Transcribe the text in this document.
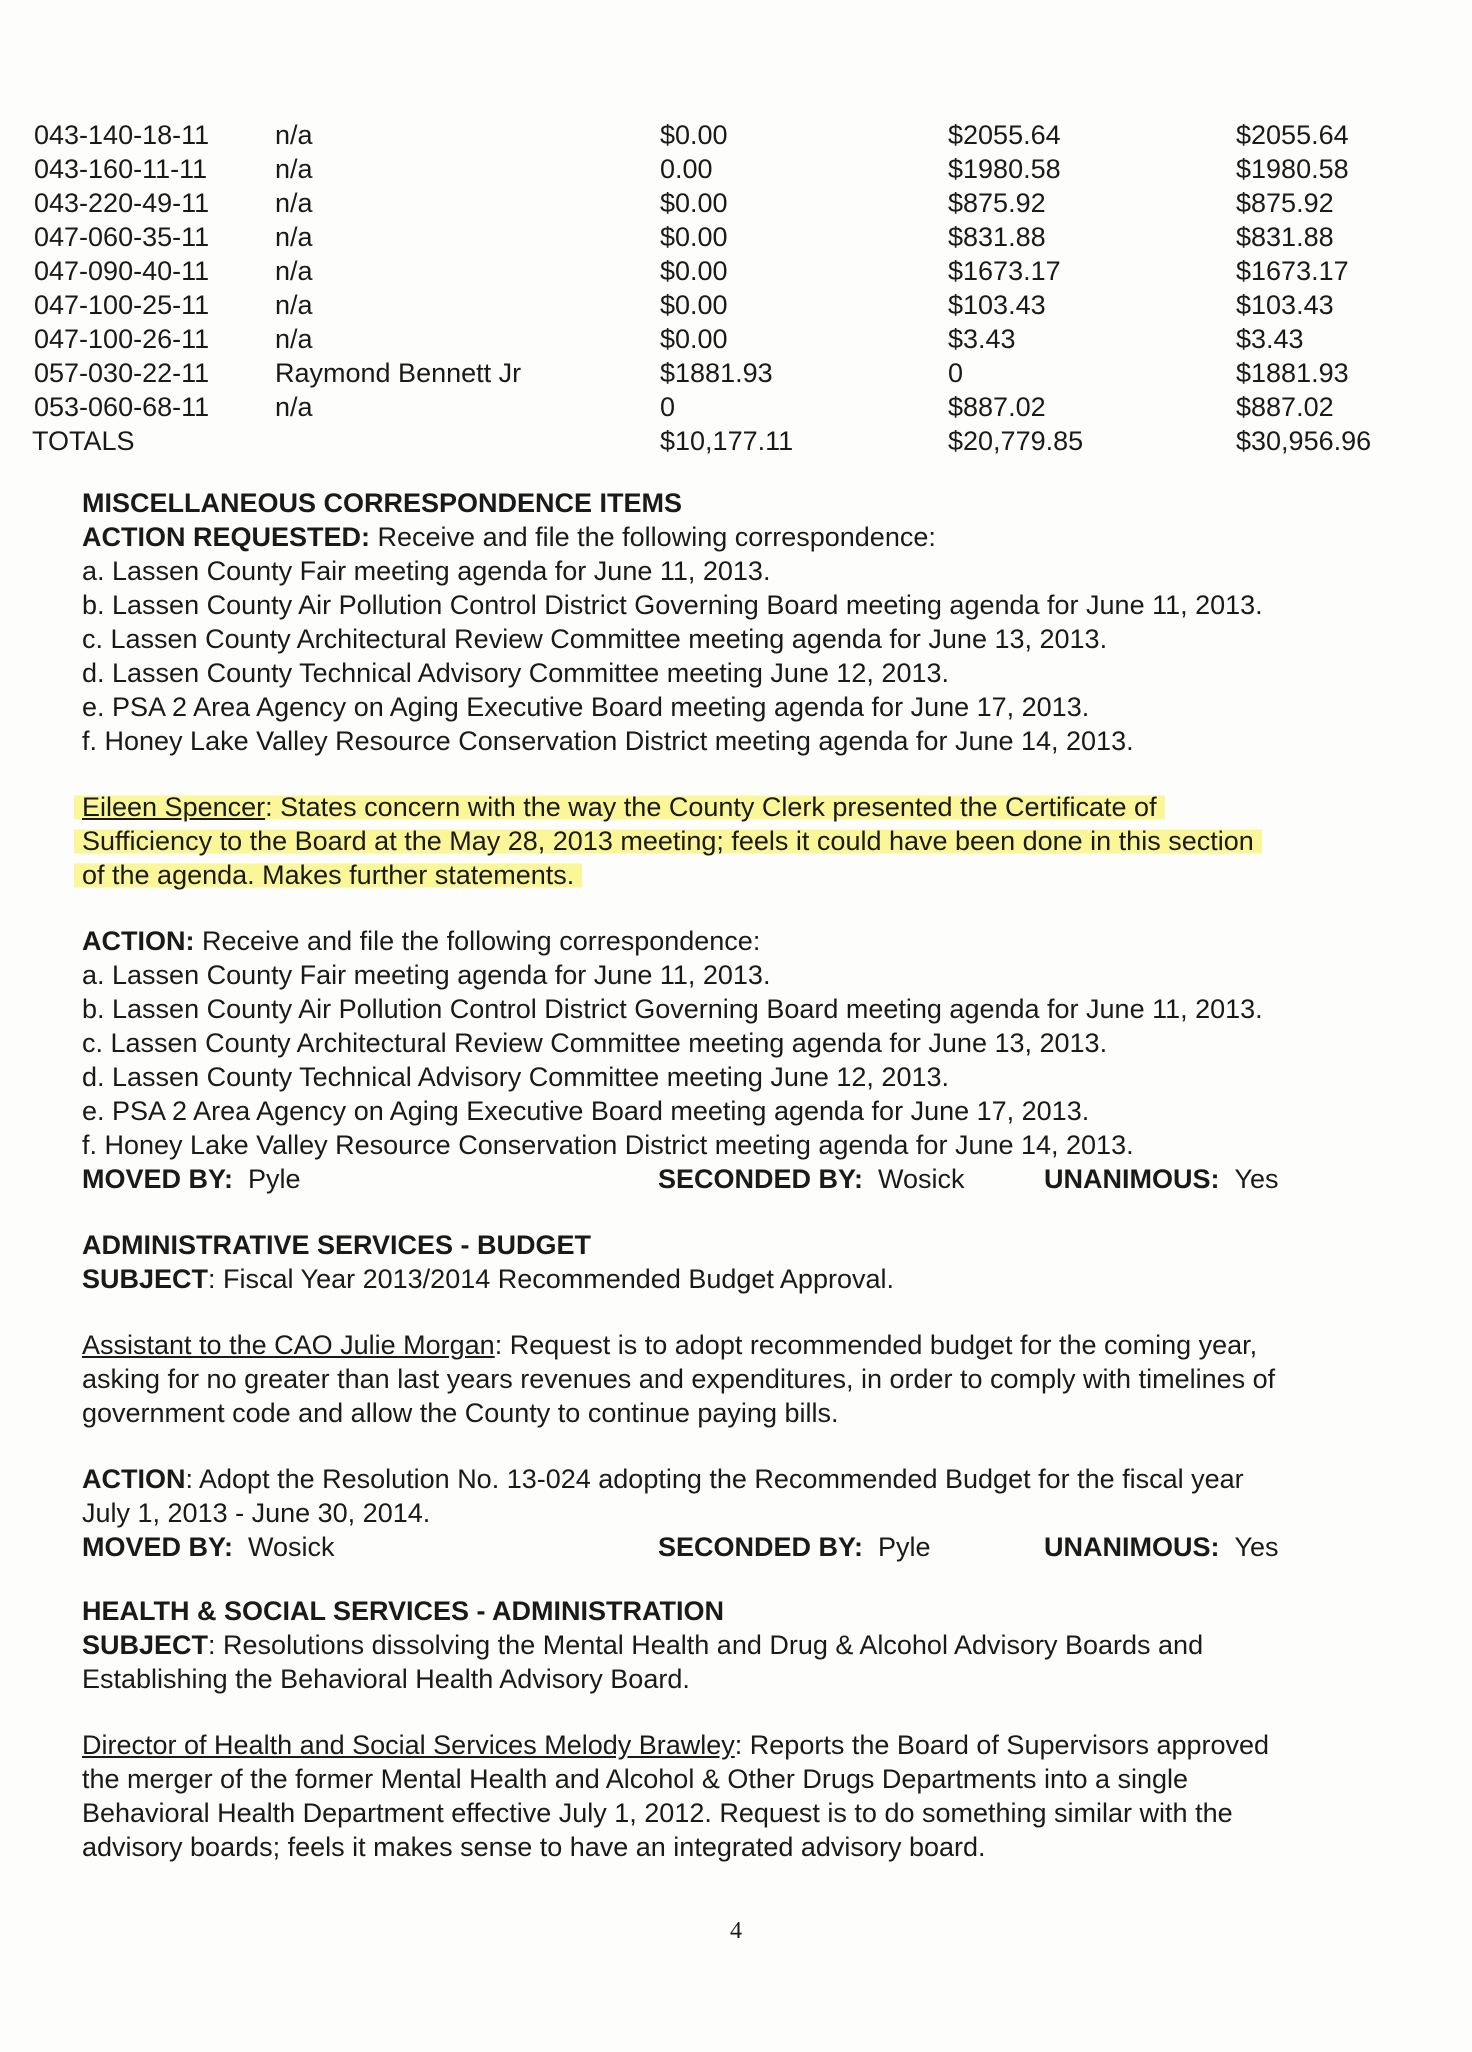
043-140-18-11 n/a	$0.00	$2055.64	$2055.64
043-160-11-11	n/a	0.00	$1980.58	$1980.58
043-220-49-11 n/a	$0.00	$875.92	$875.92
047-060-35-11 n/a	$0.00	$831.88	$831.88
047-090-40-11 n/a	$0.00	$1673.17	$1673.17
047-100-25-11 n/a	$0.00	$103.43	$103.43
047-100-26-11 n/a	$0.00	$3.43	$3.43
057-030-22-11 Raymond Bennett Jr	$1881.93	0	$1881.93
053-060-68-11 n/a	0	$887.02	$887.02
TOTALS	$10,177.11	$20,779.85	$30,956.96
MISCELLANEOUS CORRESPONDENCE ITEMS
ACTION REQUESTED: Receive and file the following correspondence:
a. Lassen County Fair meeting agenda for June 11, 2013.
b. Lassen County Air Pollution Control District Governing Board meeting agenda for June 11, 2013.
c. Lassen County Architectural Review Committee meeting agenda for June 13, 2013.
d. Lassen County Technical Advisory Committee meeting June 12, 2013.
e. PSA 2 Area Agency on Aging Executive Board meeting agenda for June 17, 2013.
f. Honey Lake Valley Resource Conservation District meeting agenda for June 14, 2013.
Eileen Spencer: States concern with the way the County Clerk presented the Certificate of
Sufficiency to the Board at the May 28, 2013 meeting; feels it could have been done in this section
of the agenda. Makes further statements.
ACTION: Receive and file the following correspondence:
a. Lassen County Fair meeting agenda for June 11, 2013.
b. Lassen County Air Pollution Control District Governing Board meeting agenda for June 11, 2013.
c. Lassen County Architectural Review Committee meeting agenda for June 13, 2013.
d. Lassen County Technical Advisory Committee meeting June 12, 2013.
e. PSA 2 Area Agency on Aging Executive Board meeting agenda for June 17, 2013.
f. Honey Lake Valley Resource Conservation District meeting agenda for June 14, 2013.
MOVED BY: Pyle	SECONDED BY: Wosick	UNANIMOUS: Yes
ADMINISTRATIVE SERVICES - BUDGET
SUBJECT: Fiscal Year 2013/2014 Recommended Budget Approval.
Assistant to the CAO Julie Morgan: Request is to adopt recommended budget for the coming year,
asking for no greater than last years revenues and expenditures, in order to comply with timelines of
government code and allow the County to continue paying bills.
ACTION: Adopt the Resolution No. 13-024 adopting the Recommended Budget for the fiscal year
July 1, 2013 - June 30, 2014.
MOVED BY: Wosick	SECONDED BY: Pyle	UNANIMOUS: Yes
HEALTH & SOCIAL SERVICES - ADMINISTRATION
SUBJECT: Resolutions dissolving the Mental Health and Drug & Alcohol Advisory Boards and
Establishing the Behavioral Health Advisory Board.
Director of Health and Social Services Melody Brawley: Reports the Board of Supervisors approved
the merger of the former Mental Health and Alcohol & Other Drugs Departments into a single
Behavioral Health Department effective July 1, 2012. Request is to do something similar with the
advisory boards; feels it makes sense to have an integrated advisory board.
4
